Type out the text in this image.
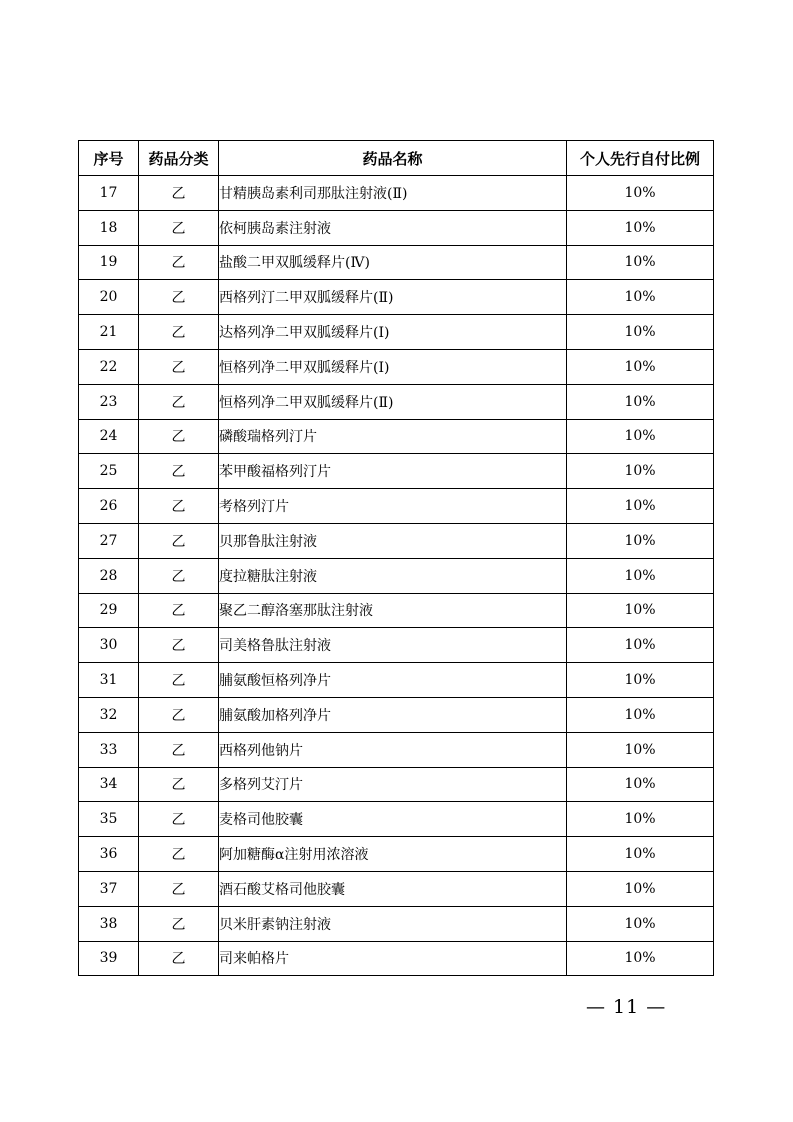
序号	药品分类	药品名称	个人先行自付比例
17	乙	甘精胰岛素利司那肽注射液(Ⅱ)	10%
18	乙	依柯胰岛素注射液	10%
19	乙	盐酸二甲双胍缓释片(Ⅳ)	10%
20	乙	西格列汀二甲双胍缓释片(Ⅱ)	10%
21	乙	达格列净二甲双胍缓释片(Ⅰ)	10%
22	乙	恒格列净二甲双胍缓释片(Ⅰ)	10%
23	乙	恒格列净二甲双胍缓释片(Ⅱ)	10%
24	乙	磷酸瑞格列汀片	10%
25	乙	苯甲酸福格列汀片	10%
26	乙	考格列汀片	10%
27	乙	贝那鲁肽注射液	10%
28	乙	度拉糖肽注射液	10%
29	乙	聚乙二醇洛塞那肽注射液	10%
30	乙	司美格鲁肽注射液	10%
31	乙	脯氨酸恒格列净片	10%
32	乙	脯氨酸加格列净片	10%
33	乙	西格列他钠片	10%
34	乙	多格列艾汀片	10%
35	乙	麦格司他胶囊	10%
36	乙	阿加糖酶α注射用浓溶液	10%
37	乙	酒石酸艾格司他胶囊	10%
38	乙	贝米肝素钠注射液	10%
39	乙	司来帕格片	10%
— 11 —
